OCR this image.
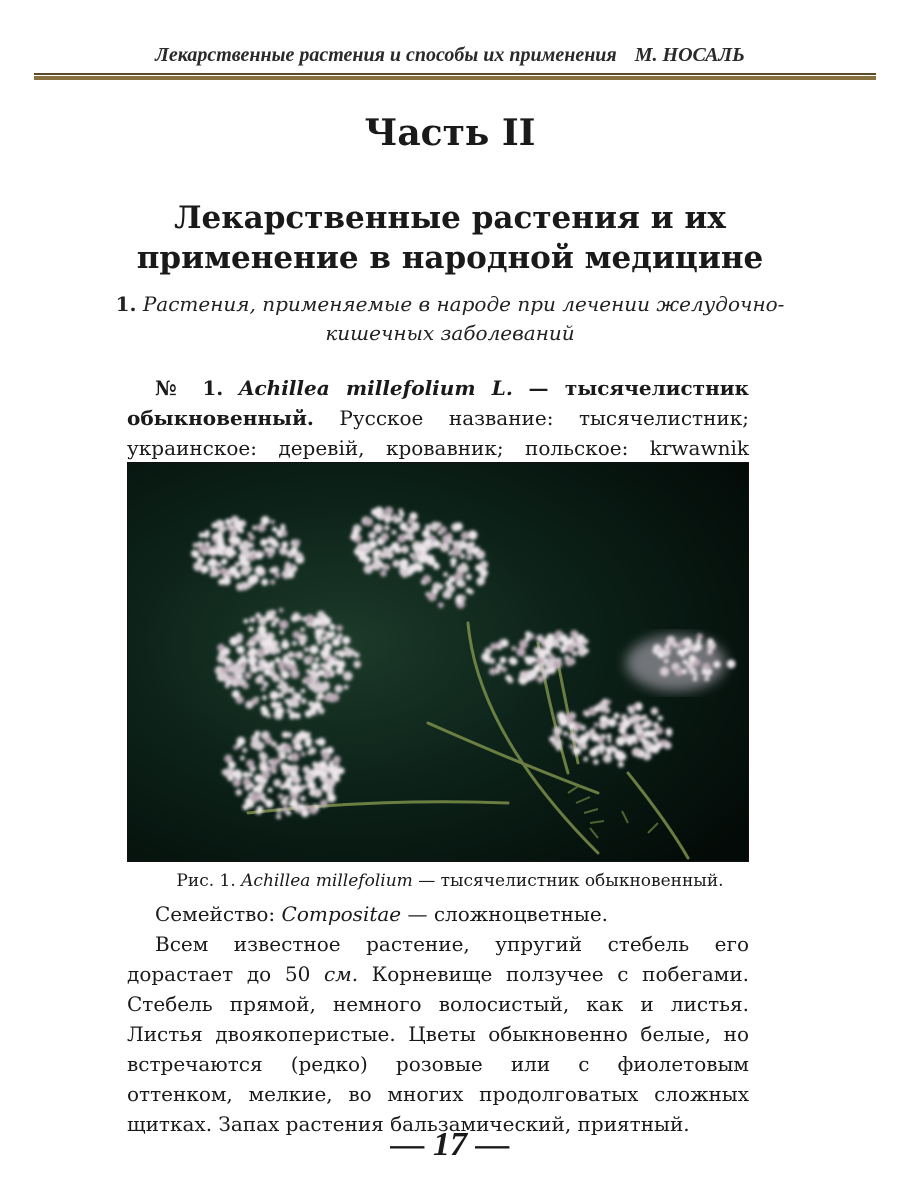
Лекарственные растения и способы их применения М. НОСАЛЬ
Часть II
Лекарственные растения и их применение в народной медицине
1. Растения, применяемые в народе при лечении желудочно-кишечных заболеваний
№ 1. Achillea millefolium L. — тысячелистник обыкновенный. Русское название: тысячелистник; украинское: деревій, кровавник; польское: krwawnik
Рис. 1. Achillea millefolium — тысячелистник обыкновенный.

Семейство: Compositae — сложноцветные.

Всем известное растение, упругий стебель его дорастает до 50 см. Корневище ползучее с побегами. Стебель прямой, немного волосистый, как и листья. Листья двоякоперистые. Цветы обыкновенно белые, но встречаются (редко) розовые или с фиолетовым оттенком, мелкие, во многих продолговатых сложных щитках. Запах растения бальзамический, приятный.

— 17 —
